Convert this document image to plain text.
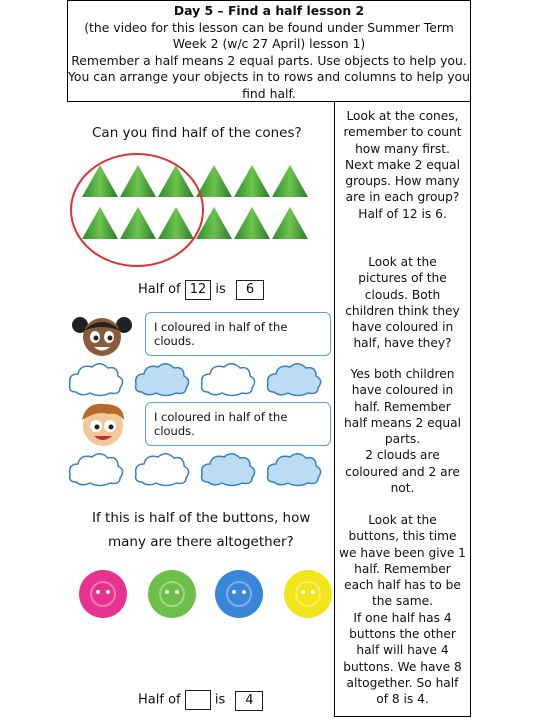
Day 5 – Find a half lesson 2
(the video for this lesson can be found under Summer Term
Week 2 (w/c 27 April) lesson 1)
Remember a half means 2 equal parts. Use objects to help you.
You can arrange your objects in to rows and columns to help you
find half.
Look at the cones,
remember to count
how many first.
Next make 2 equal
groups. How many
are in each group?
Half of 12 is 6.
Look at the
pictures of the
clouds. Both
children think they
have coloured in
half, have they?
Yes both children
have coloured in
half. Remember
half means 2 equal
parts.
2 clouds are
coloured and 2 are
not.
Look at the
buttons, this time
we have been give 1
half. Remember
each half has to be
the same.
If one half has 4
buttons the other
half will have 4
buttons. We have 8
altogether. So half
of 8 is 4.
Can you find half of the cones?
Half of 12 is 6
I coloured in half of the clouds.
I coloured in half of the clouds.
If this is half of the buttons, how
many are there altogether?
Half of	is 4
